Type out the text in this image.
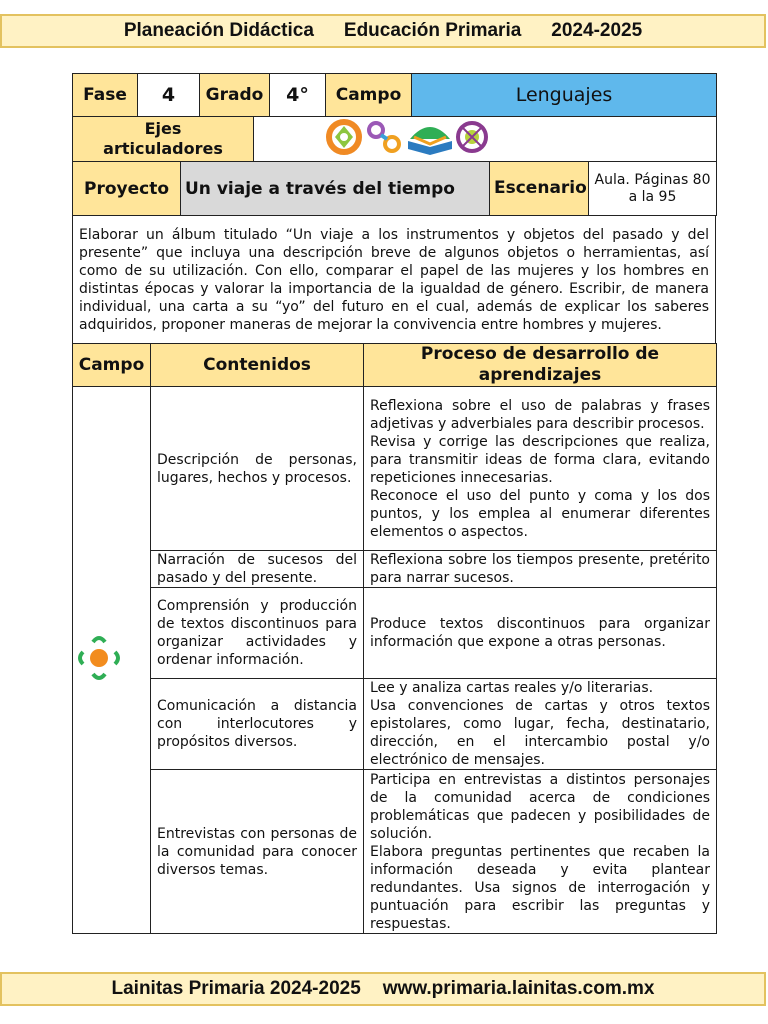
Planeación Didáctica Educación Primaria 2024-2025
Fase	4	Grado	4°	Campo	Lenguajes
Ejes articuladores	
Proyecto	Un viaje a través del tiempo	Escenario	Aula. Páginas 80 a la 95
Elaborar un álbum titulado “Un viaje a los instrumentos y objetos del pasado y del presente” que incluya una descripción breve de algunos objetos o herramientas, así como de su utilización. Con ello, comparar el papel de las mujeres y los hombres en distintas épocas y valorar la importancia de la igualdad de género. Escribir, de manera individual, una carta a su “yo” del futuro en el cual, además de explicar los saberes adquiridos, proponer maneras de mejorar la convivencia entre hombres y mujeres.
Campo	Contenidos	Proceso de desarrollo de aprendizajes
	Descripción de personas, lugares, hechos y procesos.	Reflexiona sobre el uso de palabras y frases adjetivas y adverbiales para describir procesos.
Revisa y corrige las descripciones que realiza, para transmitir ideas de forma clara, evitando repeticiones innecesarias.
Reconoce el uso del punto y coma y los dos puntos, y los emplea al enumerar diferentes elementos o aspectos.
	Narración de sucesos del pasado y del presente.	Reflexiona sobre los tiempos presente, pretérito para narrar sucesos.
	Comprensión y producción de textos discontinuos para organizar actividades y ordenar información.	Produce textos discontinuos para organizar información que expone a otras personas.
	Comunicación a distancia con interlocutores y propósitos diversos.	Lee y analiza cartas reales y/o literarias.
Usa convenciones de cartas y otros textos epistolares, como lugar, fecha, destinatario, dirección, en el intercambio postal y/o electrónico de mensajes.
	Entrevistas con personas de la comunidad para conocer diversos temas.	Participa en entrevistas a distintos personajes de la comunidad acerca de condiciones problemáticas que padecen y posibilidades de solución.
Elabora preguntas pertinentes que recaben la información deseada y evita plantear redundantes. Usa signos de interrogación y puntuación para escribir las preguntas y respuestas.
Lainitas Primaria 2024-2025 www.primaria.lainitas.com.mx
